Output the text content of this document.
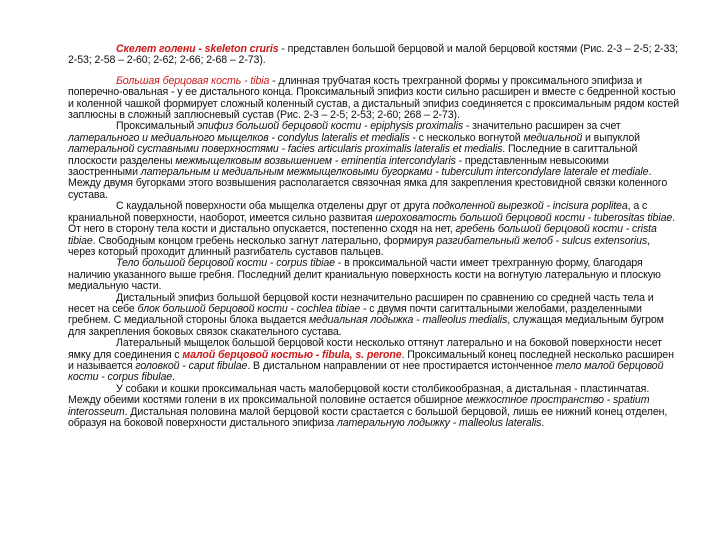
Скелет голени - skeleton cruris - представлен большой берцовой и малой берцовой костями (Рис. 2-3 – 2-5; 2-33; 2-53; 2-58 – 2-60; 2-62; 2-66; 2-68 – 2-73).

Большая берцовая кость - tibia - длинная трубчатая кость трехгранной формы у проксимального эпифиза и поперечно-овальная - у ее дистального конца. Проксимальный эпифиз кости сильно расширен и вместе с бедренной костью и коленной чашкой формирует сложный коленный сустав, а дистальный эпифиз соединяется с проксимальным рядом костей заплюсны в сложный заплюсневый сустав (Рис. 2-3 – 2-5; 2-53; 2-60; 268 – 2-73).

Проксимальный эпифиз большой берцовой кости - epiphysis proximalis - значительно расширен за счет латерального и медиального мыщелков - condylus lateralis et medialis - с несколько вогнутой медиальной и выпуклой латеральной суставными поверхностями - facies articularis proximalis lateralis et medialis. Последние в сагиттальной плоскости разделены межмыщелковым возвышением - eminentia intercondylaris - представленным невысокими заостренными латеральным и медиальным межмыщелковыми бугорками - tuberculum intercondylare laterale et mediale. Между двумя бугорками этого возвышения располагается связочная ямка для закрепления крестовидной связки коленного сустава.

С каудальной поверхности оба мыщелка отделены друг от друга подколенной вырезкой - incisura poplitea, а с краниальной поверхности, наоборот, имеется сильно развитая шероховатость большой берцовой кости - tuberositas tibiae. От него в сторону тела кости и дистально опускается, постепенно сходя на нет, гребень большой берцовой кости - crista tibiae. Свободным концом гребень несколько загнут латерально, формируя разгибательный желоб - sulcus extensorius, через который проходит длинный разгибатель суставов пальцев.

Тело большой берцовой кости - corpus tibiae - в проксимальной части имеет трехгранную форму, благодаря наличию указанного выше гребня. Последний делит краниальную поверхность кости на вогнутую латеральную и плоскую медиальную части.

Дистальный эпифиз большой берцовой кости незначительно расширен по сравнению со средней часть тела и несет на себе блок большой берцовой кости - cochlea tibiae - с двумя почти сагиттальными желобами, разделенными гребнем. С медиальной стороны блока выдается медиальная лодыжка - malleolus medialis, служащая медиальным бугром для закрепления боковых связок скакательного сустава.

Латеральный мыщелок большой берцовой кости несколько оттянут латерально и на боковой поверхности несет ямку для соединения с малой берцовой костью - fibula, s. perone. Проксимальный конец последней несколько расширен и называется головкой - caput fibulae. В дистальном направлении от нее простирается истонченное тело малой берцовой кости - corpus fibulae.

У собаки и кошки проксимальная часть малоберцовой кости столбикообразная, а дистальная - пластинчатая. Между обеими костями голени в их проксимальной половине остается обширное межкостное пространство - spatium interosseum. Дистальная половина малой берцовой кости срастается с большой берцовой, лишь ее нижний конец отделен, образуя на боковой поверхности дистального эпифиза латеральную лодыжку - malleolus lateralis.
